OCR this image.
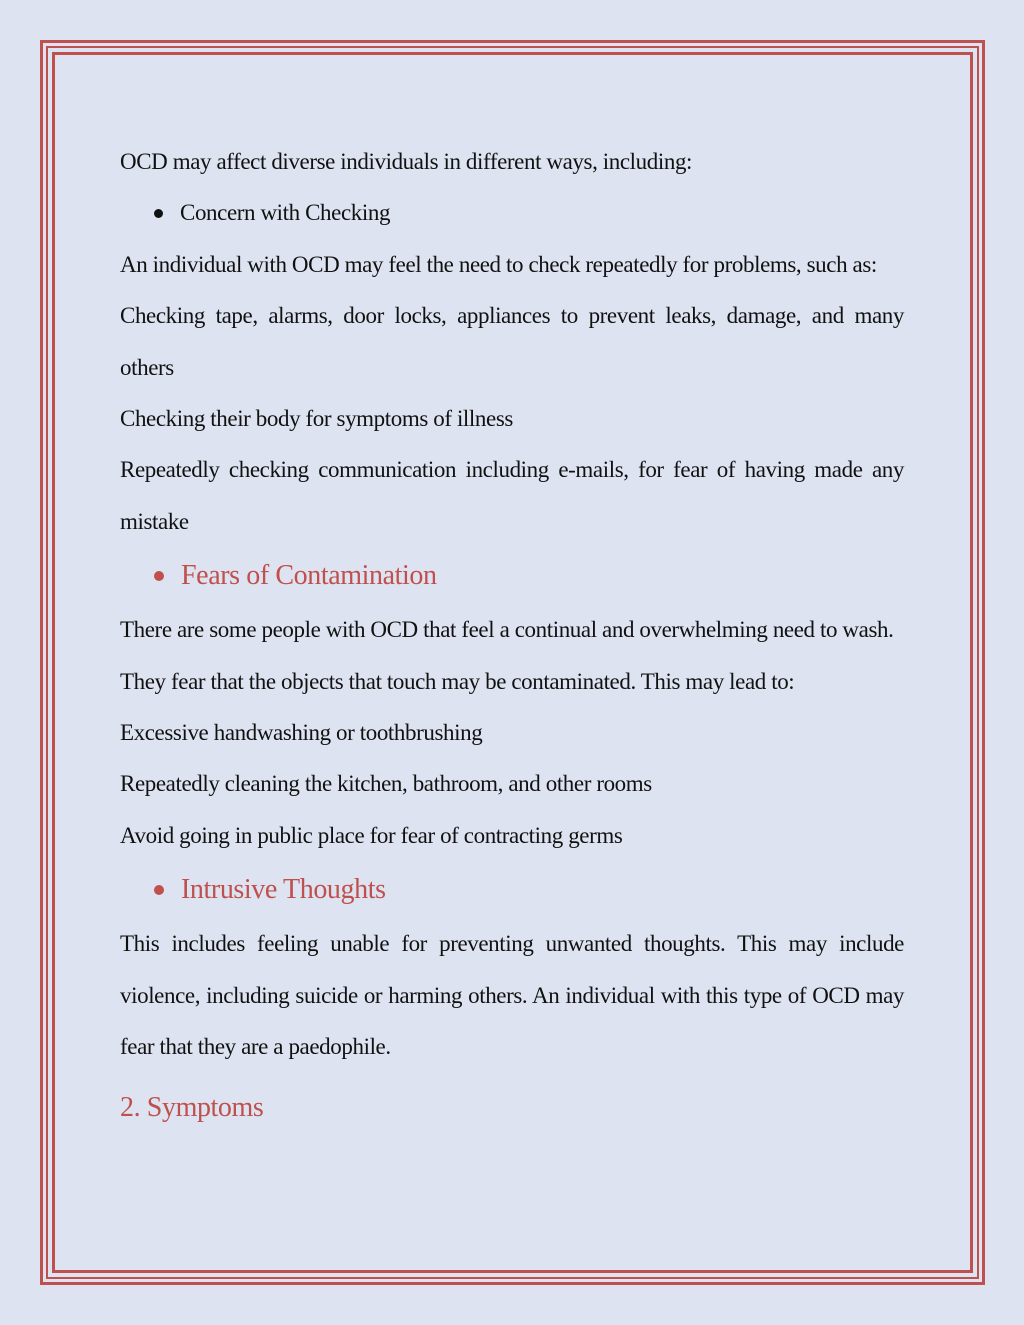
OCD may affect diverse individuals in different ways, including:

Concern with Checking

An individual with OCD may feel the need to check repeatedly for problems, such as:

Checking tape, alarms, door locks, appliances to prevent leaks, damage, and many others

Checking their body for symptoms of illness

Repeatedly checking communication including e-mails, for fear of having made any mistake

Fears of Contamination

There are some people with OCD that feel a continual and overwhelming need to wash.

They fear that the objects that touch may be contaminated. This may lead to:

Excessive handwashing or toothbrushing

Repeatedly cleaning the kitchen, bathroom, and other rooms

Avoid going in public place for fear of contracting germs

Intrusive Thoughts

This includes feeling unable for preventing unwanted thoughts. This may include violence, including suicide or harming others. An individual with this type of OCD may fear that they are a paedophile.

2. Symptoms
